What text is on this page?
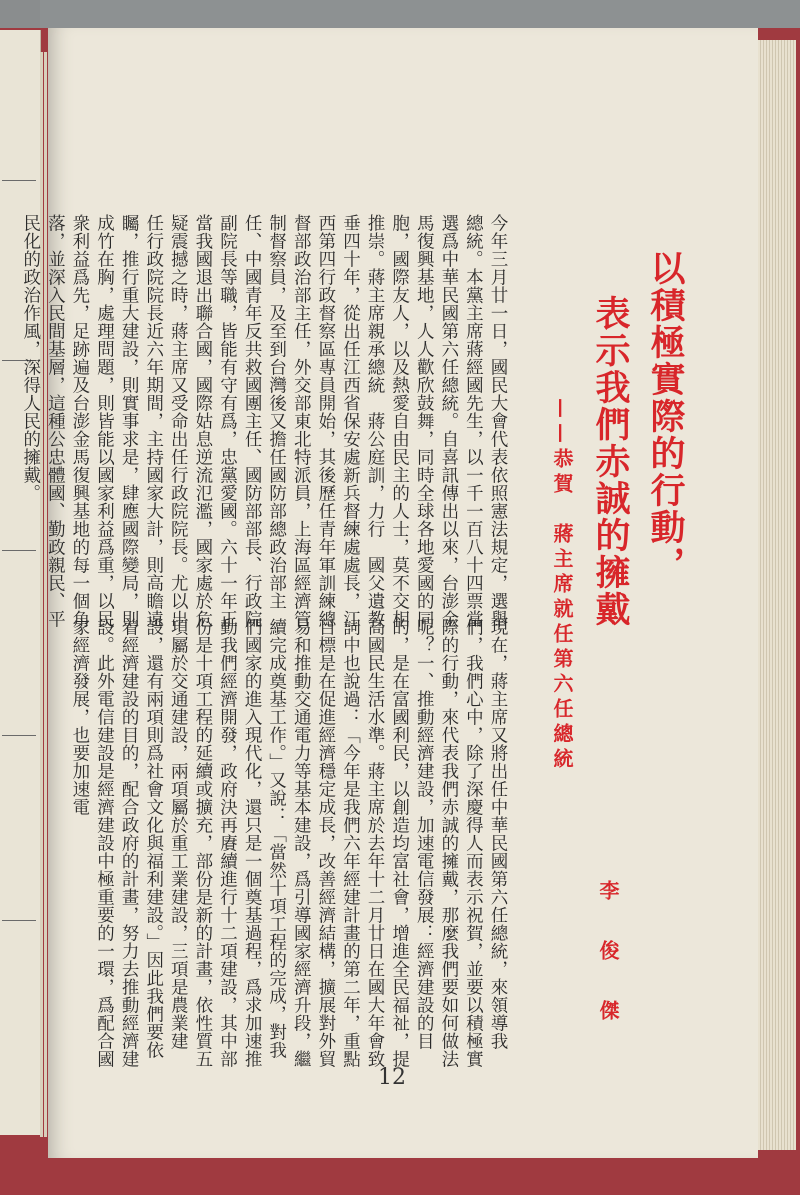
以積極實際的行動，
表示我們赤誠的擁戴
——恭賀　蔣主席就任第六任總統
今年三月廿一日，國民大會代表依照憲法規定，選舉總統。本黨主席蔣經國先生，以一千一百八十四票當選爲中華民國第六任總統。自喜訊傳出以來，台澎金馬復興基地，人人歡欣鼓舞，同時全球各地愛國的同胞，國際友人，以及熱愛自由民主的人士，莫不交相推崇。蔣主席親承總統　蔣公庭訓，力行　國父遺教垂四十年，從出任江西省保安處新兵督練處處長，江西第四行政督察區專員開始，其後歷任青年軍訓練總督部政治部主任，外交部東北特派員，上海區經濟管制督察員，及至到台灣後又擔任國防部總政治部主任、中國青年反共救國團主任、國防部部長、行政院副院長等職，皆能有守有爲，忠黨愛國。六十一年正當我國退出聯合國，國際姑息逆流氾濫，國家處於危疑震撼之時，蔣主席又受命出任行政院院長。尤以出任行政院院長近六年期間，主持國家大計，則高瞻遠矚，推行重大建設，則實事求是，肆應國際變局，則成竹在胸，處理問題，則皆能以國家利益爲重，以民衆利益爲先，足跡遍及台澎金馬復興基地的每一個角落，並深入民間基層，這種公忠體國、勤政親民、平民化的政治作風，深得人民的擁戴。
現在，蔣主席又將出任中華民國第六任總統，來領導我們，我們心中，除了深慶得人而表示祝賀，並要以積極實際的行動，來代表我們赤誠的擁戴，那麼我們要如何做法呢？一、推動經濟建設，加速電信發展：經濟建設的目的，是在富國利民，以創造均富社會，增進全民福祉，提高國民生活水準。蔣主席於去年十二月廿日在國大年會致詞中也說過：「今年是我們六年經建計畫的第二年，重點目標是在促進經濟穩定成長，改善經濟結構，擴展對外貿易和推動交通電力等基本建設，爲引導國家經濟升段，繼續完成奠基工作。」又說：「當然十項工程的完成，對我們國家的進入現代化，還只是一個奠基過程，爲求加速推動我們經濟開發，政府決再賡續進行十二項建設，其中部份是十項工程的延續或擴充，部份是新的計畫，依性質五項屬於交通建設，兩項屬於重工業建設，三項是農業建設，還有兩項則爲社會文化與福利建設。」因此我們要依着經濟建設的目的，配合政府的計畫，努力去推動經濟建設。此外電信建設是經濟建設中極重要的一環，爲配合國家經濟發展，也要加速電
李　俊　傑
12
